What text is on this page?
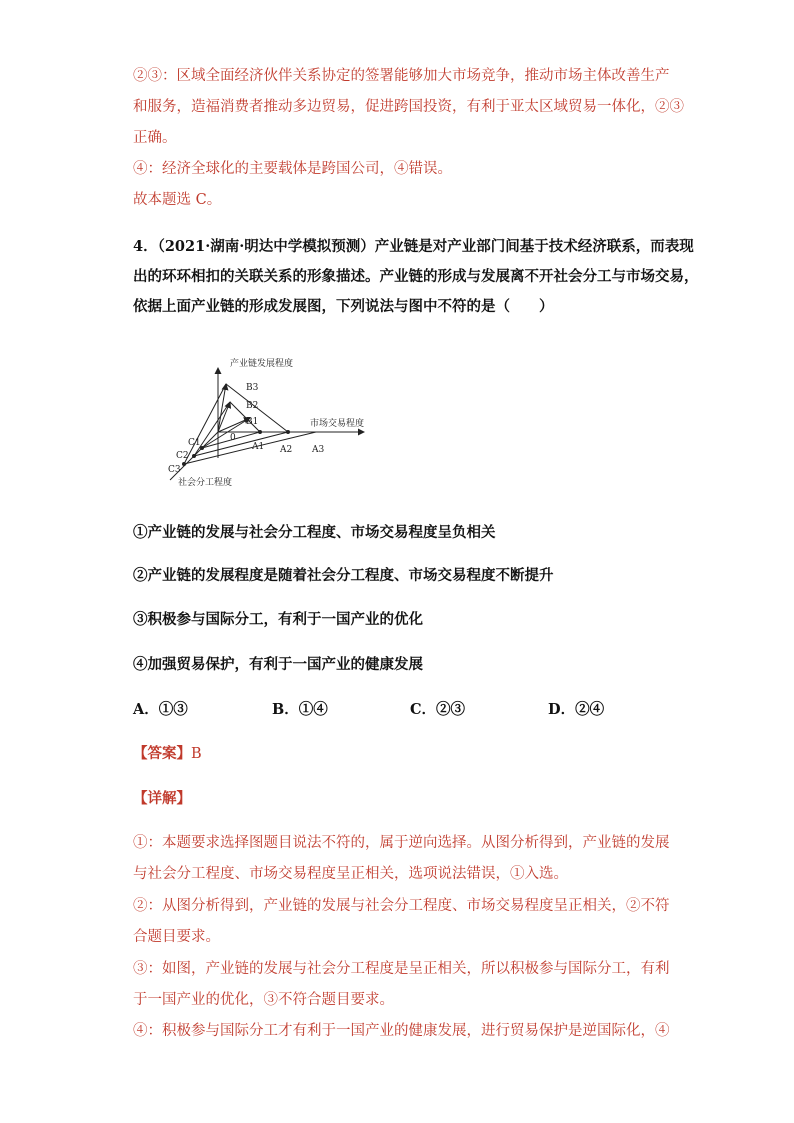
②③：区域全面经济伙伴关系协定的签署能够加大市场竞争，推动市场主体改善生产
和服务，造福消费者推动多边贸易，促进跨国投资，有利于亚太区域贸易一体化，②③
正确。
④：经济全球化的主要载体是跨国公司，④错误。
故本题选 C。
4．（2021·湖南·明达中学模拟预测）产业链是对产业部门间基于技术经济联系，而表现
出的环环相扣的关联关系的形象描述。产业链的形成与发展离不开社会分工与市场交易，
依据上面产业链的形成发展图，下列说法与图中不符的是（　　）
产业链发展程度
市场交易程度
社会分工程度
0
B1
B2
B3
A1 A2 A3
C1
C2
C3
①产业链的发展与社会分工程度、市场交易程度呈负相关
②产业链的发展程度是随着社会分工程度、市场交易程度不断提升
③积极参与国际分工，有利于一国产业的优化
④加强贸易保护，有利于一国产业的健康发展
A．①③	B．①④	C．②③	D．②④
【答案】B
【详解】
①：本题要求选择图题目说法不符的，属于逆向选择。从图分析得到，产业链的发展
与社会分工程度、市场交易程度呈正相关，选项说法错误，①入选。
②：从图分析得到，产业链的发展与社会分工程度、市场交易程度呈正相关，②不符
合题目要求。
③：如图，产业链的发展与社会分工程度是呈正相关，所以积极参与国际分工，有利
于一国产业的优化，③不符合题目要求。
④：积极参与国际分工才有利于一国产业的健康发展，进行贸易保护是逆国际化，④
